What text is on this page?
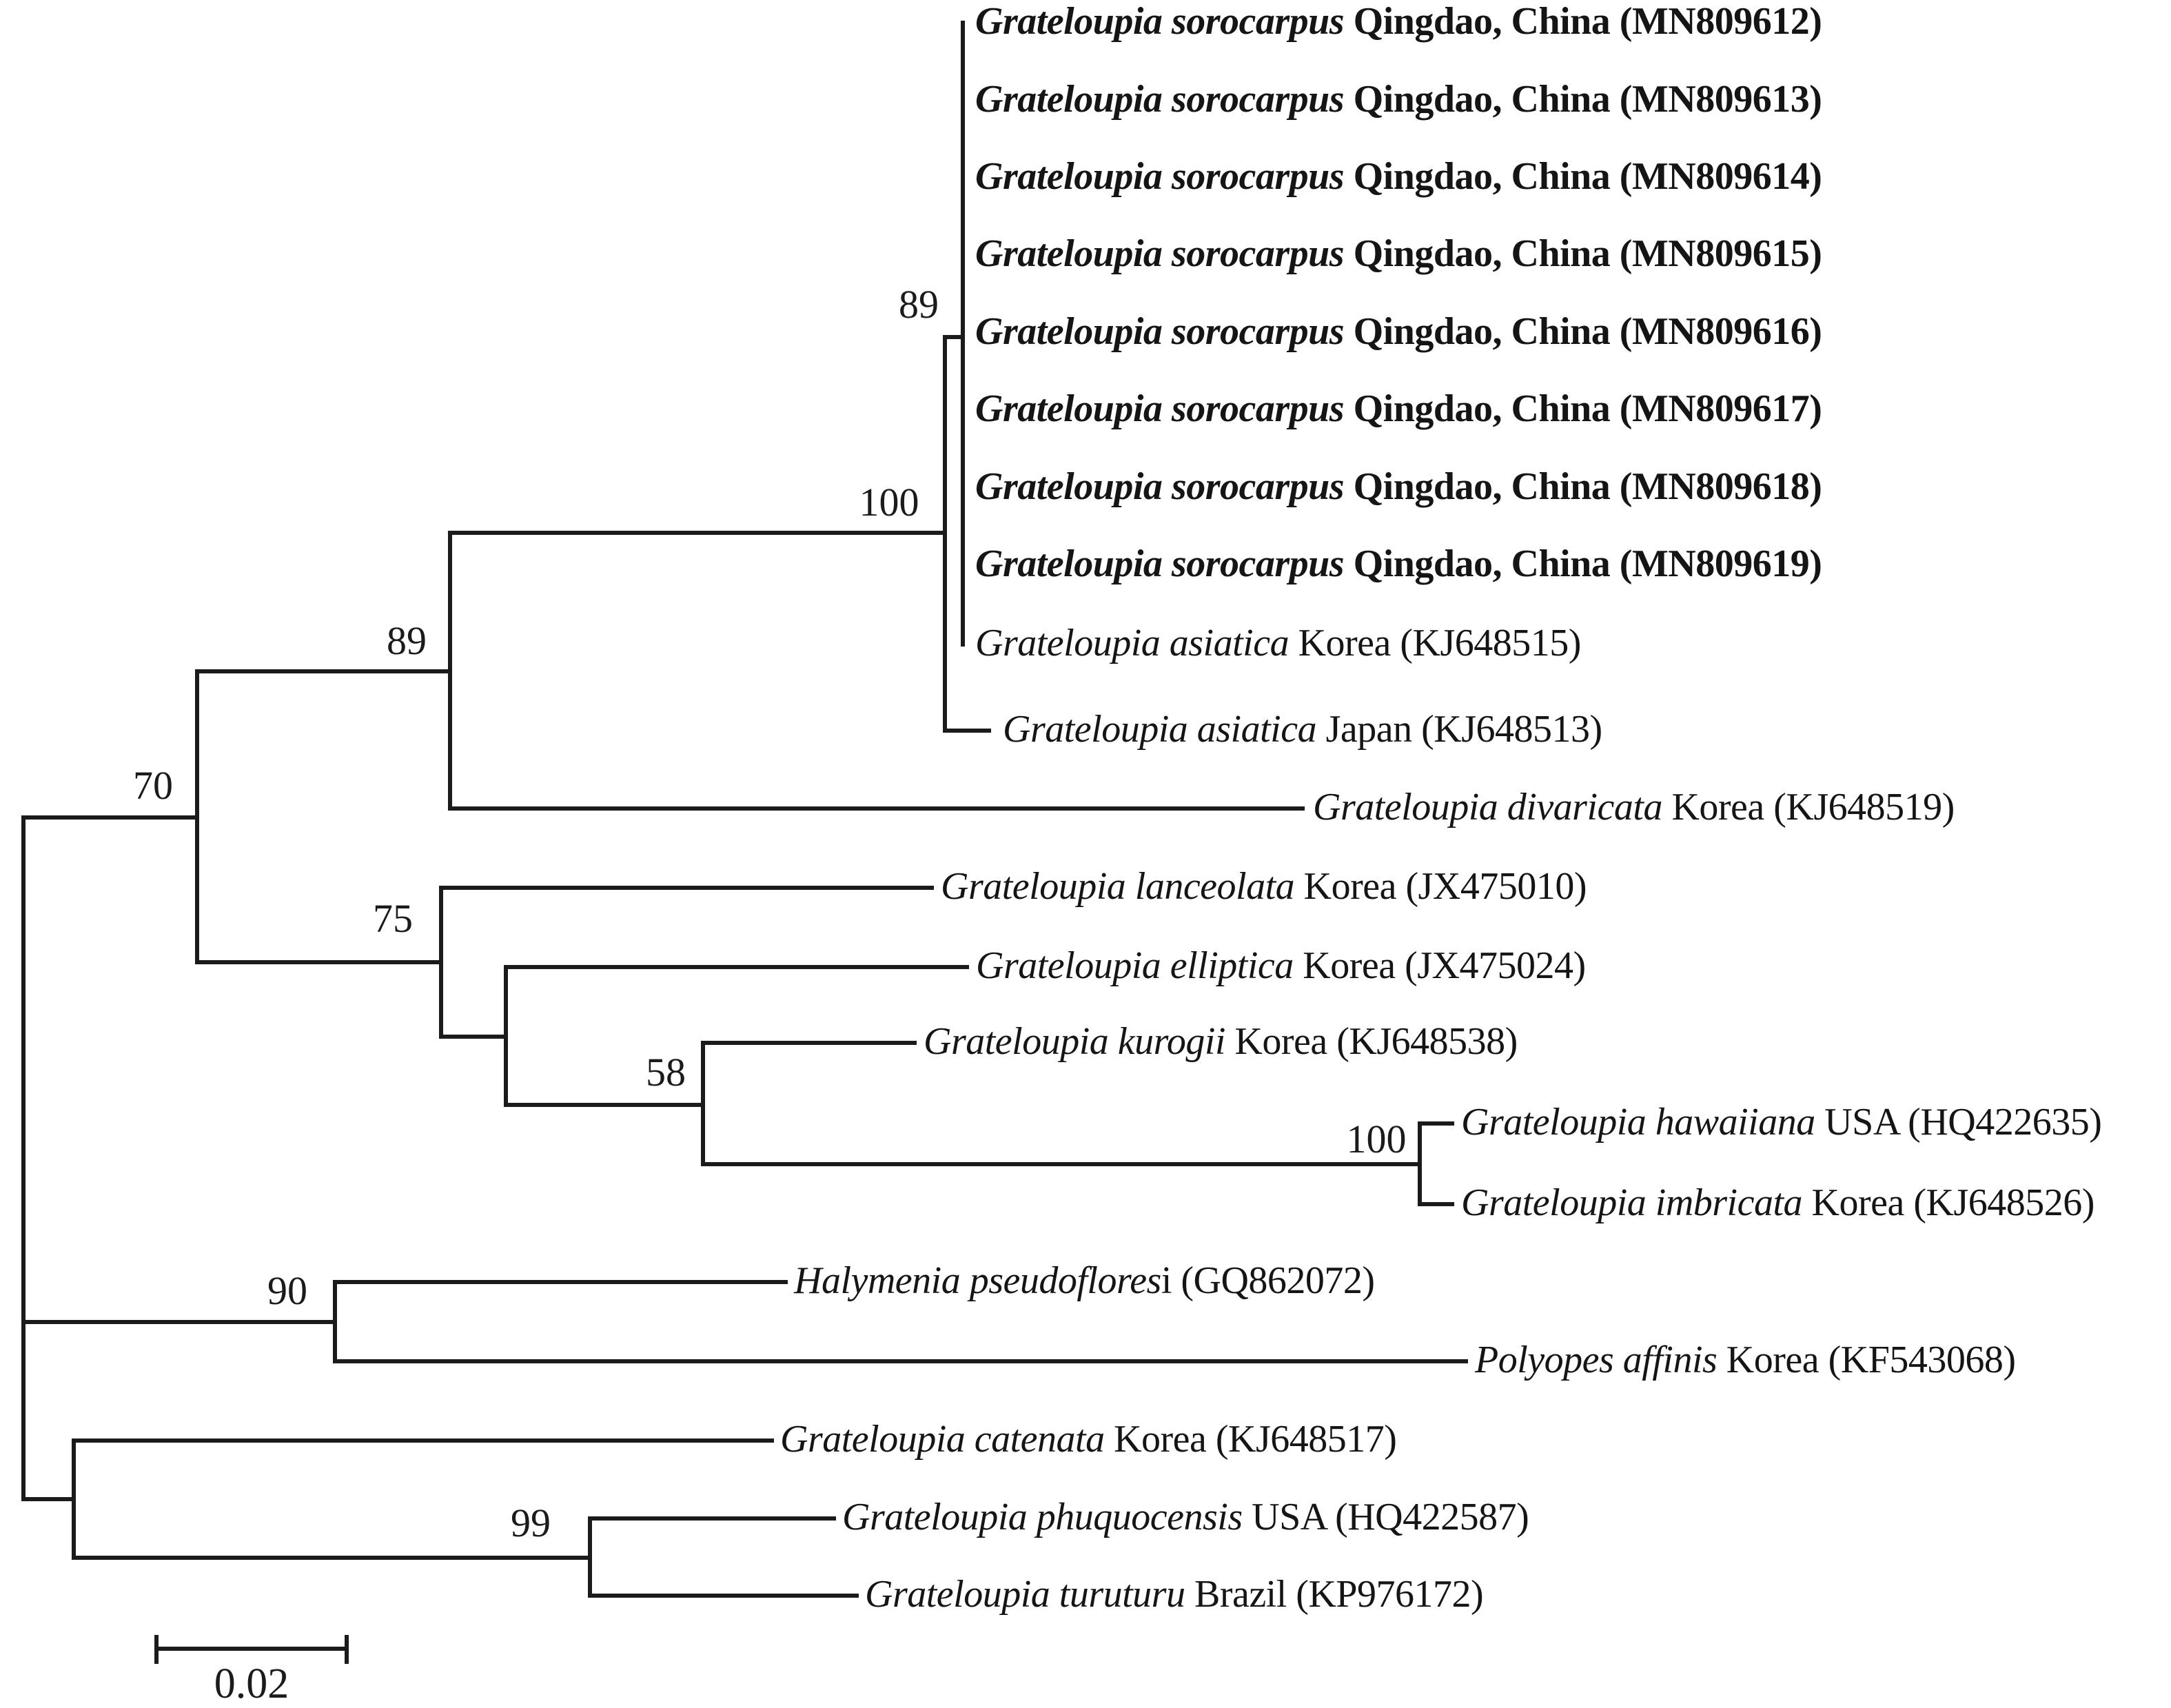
0.02
89
100
89
70
75
58
100
90
99
Grateloupia sorocarpus Qingdao, China (MN809612)
Grateloupia sorocarpus Qingdao, China (MN809613)
Grateloupia sorocarpus Qingdao, China (MN809614)
Grateloupia sorocarpus Qingdao, China (MN809615)
Grateloupia sorocarpus Qingdao, China (MN809616)
Grateloupia sorocarpus Qingdao, China (MN809617)
Grateloupia sorocarpus Qingdao, China (MN809618)
Grateloupia sorocarpus Qingdao, China (MN809619)
Grateloupia asiatica Korea (KJ648515)
Grateloupia asiatica Japan (KJ648513)
Grateloupia divaricata Korea (KJ648519)
Grateloupia lanceolata Korea (JX475010)
Grateloupia elliptica Korea (JX475024)
Grateloupia kurogii Korea (KJ648538)
Grateloupia hawaiiana USA (HQ422635)
Grateloupia imbricata Korea (KJ648526)
Halymenia pseudofloresi (GQ862072)
Polyopes affinis Korea (KF543068)
Grateloupia catenata Korea (KJ648517)
Grateloupia phuquocensis USA (HQ422587)
Grateloupia turuturu Brazil (KP976172)
